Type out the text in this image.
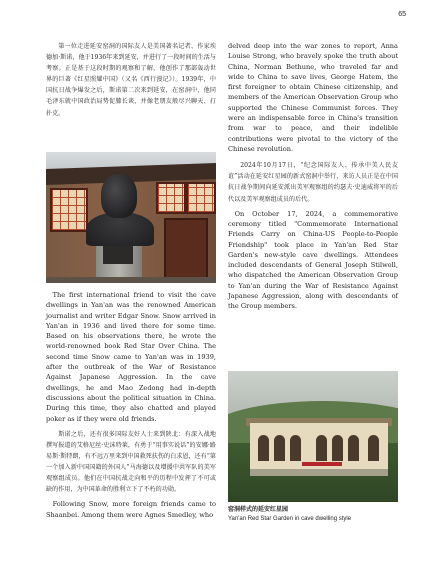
65

第一位走进延安窑洞的国际友人是美国著名记者、作家埃德加·斯诺，他于1936年来到延安，并进行了一段时间的生活与考察。正是基于这段时期的观察和了解，他创作了那部轰动世界的巨著《红星照耀中国》（又名《西行漫记》）。1939年，中国抗日战争爆发之后，斯诺第二次来到延安，在窑洞中，他同毛泽东就中国政治局势促膝长谈，并像老朋友般尽兴聊天、打扑克。

The first international friend to visit the cave dwellings in Yan'an was the renowned American journalist and writer Edgar Snow. Snow arrived in Yan'an in 1936 and lived there for some time. Based on his observations there, he wrote the world-renowned book Red Star Over China. The second time Snow came to Yan'an was in 1939, after the outbreak of the War of Resistance Against Japanese Aggression. In the cave dwellings, he and Mao Zedong had in-depth discussions about the political situation in China. During this time, they also chatted and played poker as if they were old friends.

斯诺之后，还有很多国际友好人士来到陕北：有深入战地撰写报道的艾格尼丝·史沫特莱，有勇于“用事实说话”的安娜·路易斯·斯特朗，有不远万里来到中国救死扶伤的白求恩，还有“第一个加入新中国国籍的外国人”马海德以及增援中共军队的美军观察组成员。他们在中国抗战走向和平的历程中发挥了不可或缺的作用，为中国革命的胜利立下了不朽的功勋。

Following Snow, more foreign friends came to Shaanbei. Among them were Agnes Smedley, who

delved deep into the war zones to report, Anna Louise Strong, who bravely spoke the truth about China, Norman Bethune, who traveled far and wide to China to save lives, George Hatem, the first foreigner to obtain Chinese citizenship, and members of the American Observation Group who supported the Chinese Communist forces. They were an indispensable force in China's transition from war to peace, and their indelible contributions were pivotal to the victory of the Chinese revolution.

2024年10月17日，“纪念国际友人、传承中美人民友谊”活动在延安红星园的新式窑洞中举行，来访人员正是在中国抗日战争期间向延安派出美军观察组的约瑟夫·史迪威将军的后代以及美军观察组成员的后代。

On October 17, 2024, a commemorative ceremony titled "Commemorate International Friends Carry on China-US People-to-People Friendship" took place in Yan'an Red Star Garden's new-style cave dwellings. Attendees included descendants of General Joseph Stilwell, who dispatched the American Observation Group to Yan'an during the War of Resistance Against Japanese Aggression, along with descendants of the Group members.

窑洞样式的延安红星园
Yan'an Red Star Garden in cave dwelling style
